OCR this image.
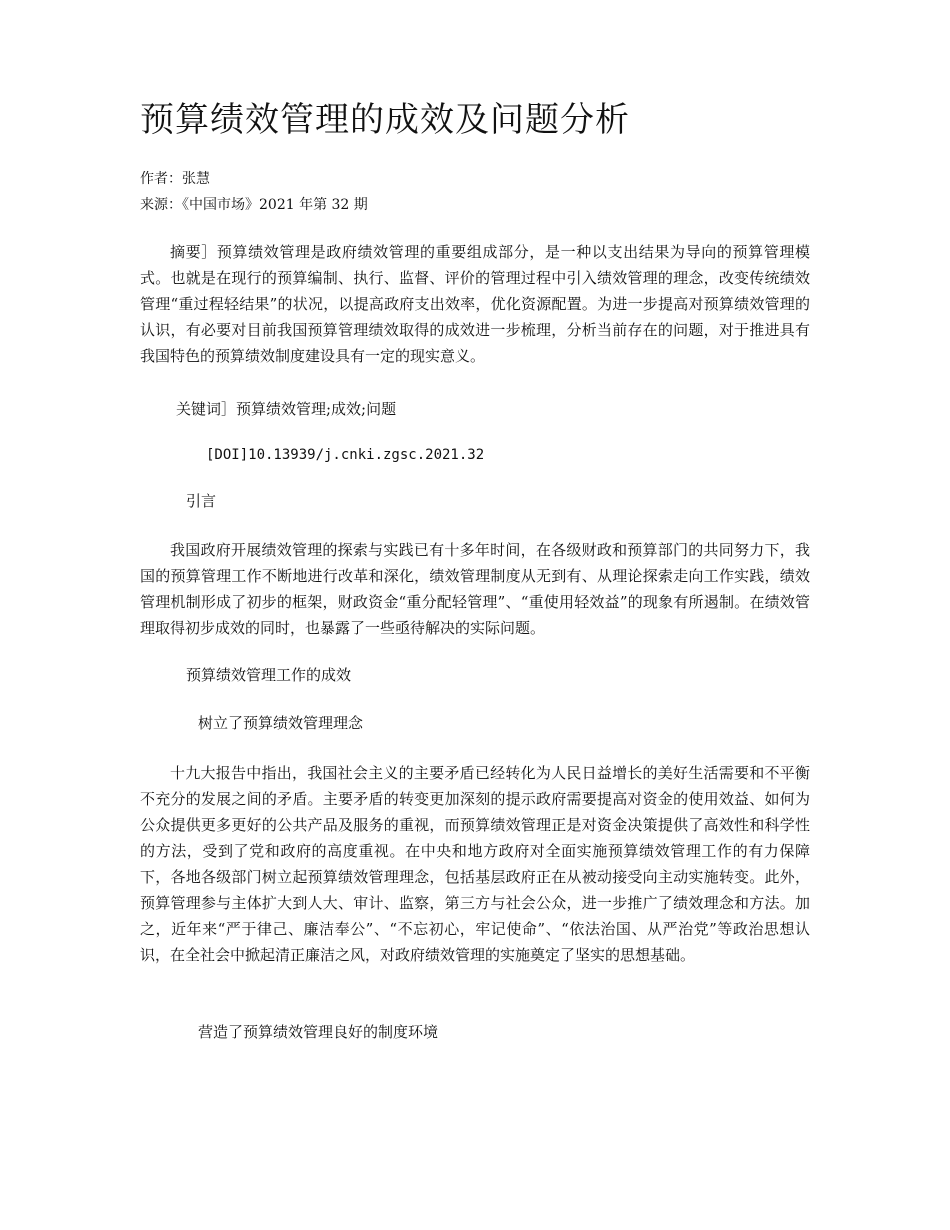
预算绩效管理的成效及问题分析
作者：张慧
来源：《中国市场》2021 年第 32 期

摘要］预算绩效管理是政府绩效管理的重要组成部分，是一种以支出结果为导向的预算管理模式。也就是在现行的预算编制、执行、监督、评价的管理过程中引入绩效管理的理念，改变传统绩效管理“重过程轻结果”的状况，以提高政府支出效率，优化资源配置。为进一步提高对预算绩效管理的认识，有必要对目前我国预算管理绩效取得的成效进一步梳理，分析当前存在的问题，对于推进具有我国特色的预算绩效制度建设具有一定的现实意义。

关键词］预算绩效管理;成效;问题
[DOI]10.13939/j.cnki.zgsc.2021.32
引言

我国政府开展绩效管理的探索与实践已有十多年时间，在各级财政和预算部门的共同努力下，我国的预算管理工作不断地进行改革和深化，绩效管理制度从无到有、从理论探索走向工作实践，绩效管理机制形成了初步的框架，财政资金“重分配轻管理”、“重使用轻效益”的现象有所遏制。在绩效管理取得初步成效的同时，也暴露了一些亟待解决的实际问题。

预算绩效管理工作的成效
树立了预算绩效管理理念

十九大报告中指出，我国社会主义的主要矛盾已经转化为人民日益增长的美好生活需要和不平衡不充分的发展之间的矛盾。主要矛盾的转变更加深刻的提示政府需要提高对资金的使用效益、如何为公众提供更多更好的公共产品及服务的重视，而预算绩效管理正是对资金决策提供了高效性和科学性的方法，受到了党和政府的高度重视。在中央和地方政府对全面实施预算绩效管理工作的有力保障下，各地各级部门树立起预算绩效管理理念，包括基层政府正在从被动接受向主动实施转变。此外，预算管理参与主体扩大到人大、审计、监察，第三方与社会公众，进一步推广了绩效理念和方法。加之，近年来“严于律己、廉洁奉公”、“不忘初心，牢记使命”、“依法治国、从严治党”等政治思想认识，在全社会中掀起清正廉洁之风，对政府绩效管理的实施奠定了坚实的思想基础。

营造了预算绩效管理良好的制度环境
